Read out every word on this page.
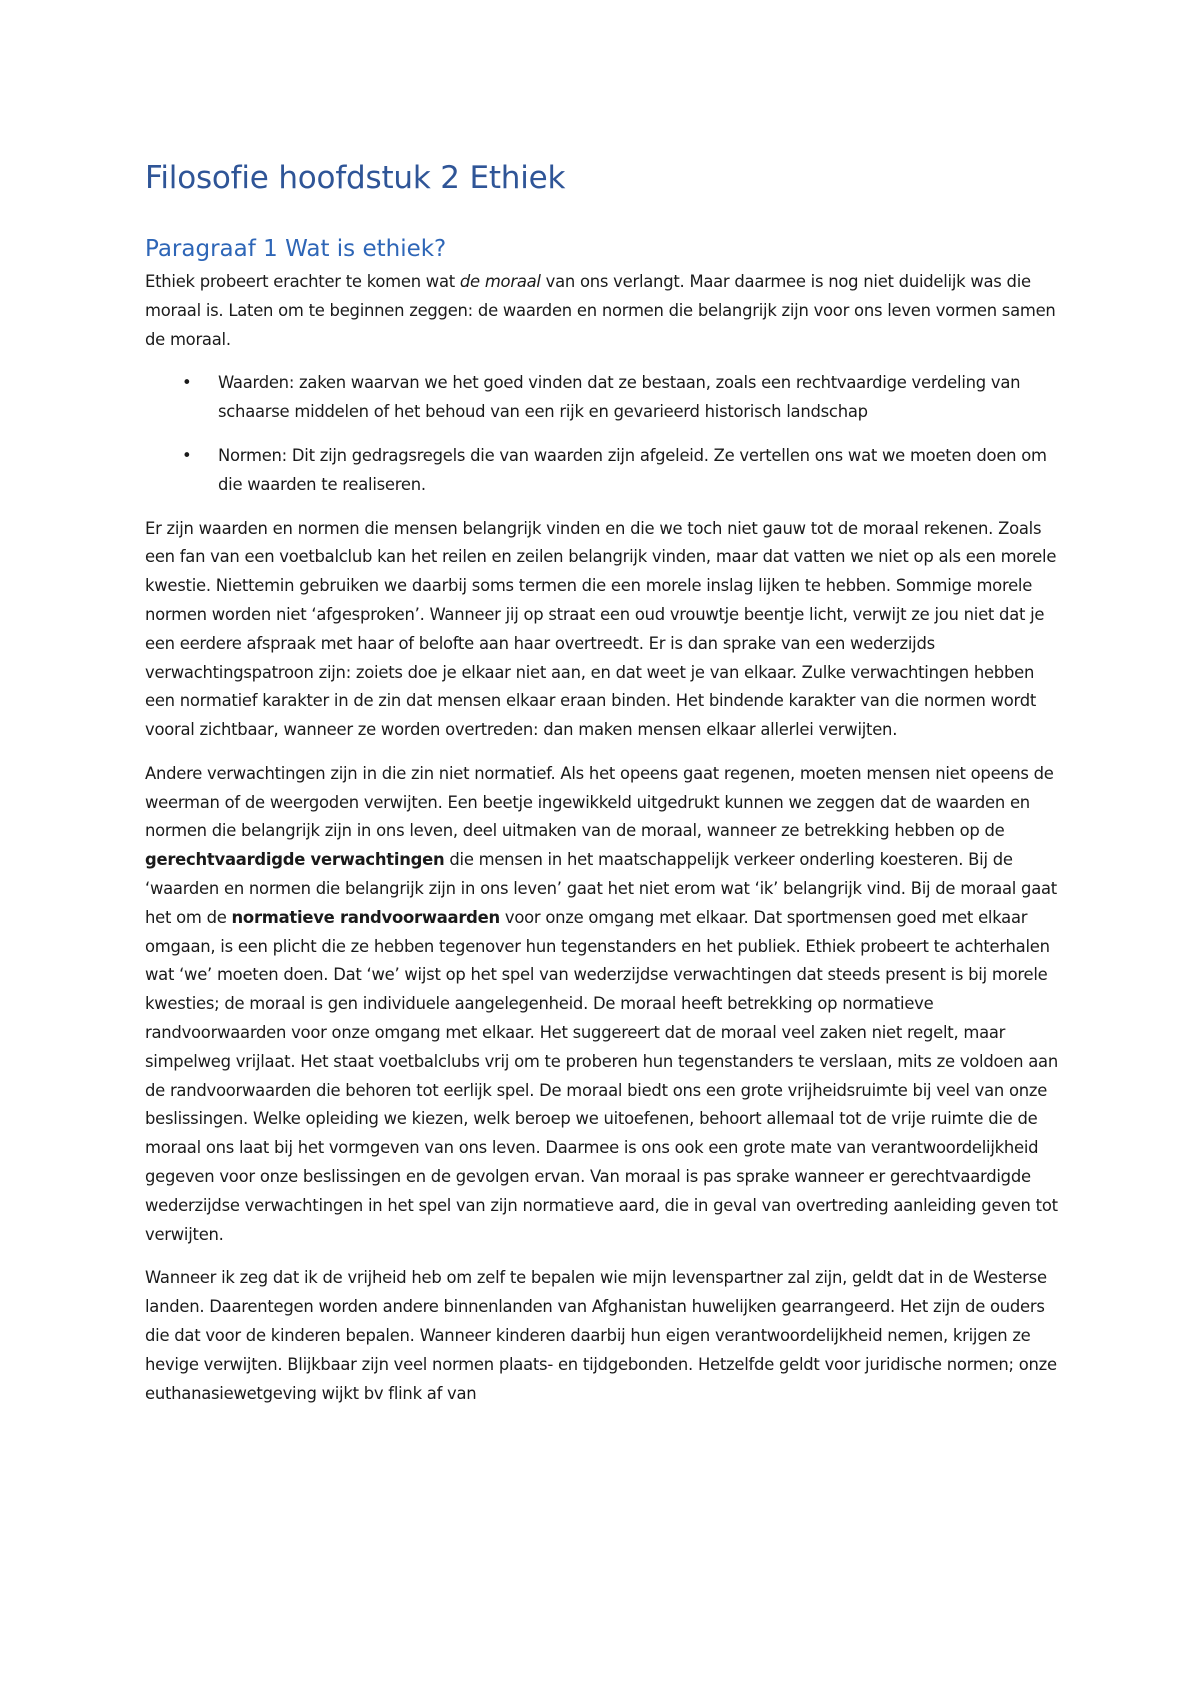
Filosofie hoofdstuk 2 Ethiek
Paragraaf 1 Wat is ethiek?

Ethiek probeert erachter te komen wat de moraal van ons verlangt. Maar daarmee is nog niet duidelijk was die moraal is. Laten om te beginnen zeggen: de waarden en normen die belangrijk zijn voor ons leven vormen samen de moraal.

• Waarden: zaken waarvan we het goed vinden dat ze bestaan, zoals een rechtvaardige verdeling van schaarse middelen of het behoud van een rijk en gevarieerd historisch landschap
• Normen: Dit zijn gedragsregels die van waarden zijn afgeleid. Ze vertellen ons wat we moeten doen om die waarden te realiseren.

Er zijn waarden en normen die mensen belangrijk vinden en die we toch niet gauw tot de moraal rekenen. Zoals een fan van een voetbalclub kan het reilen en zeilen belangrijk vinden, maar dat vatten we niet op als een morele kwestie. Niettemin gebruiken we daarbij soms termen die een morele inslag lijken te hebben. Sommige morele normen worden niet ‘afgesproken’. Wanneer jij op straat een oud vrouwtje beentje licht, verwijt ze jou niet dat je een eerdere afspraak met haar of belofte aan haar overtreedt. Er is dan sprake van een wederzijds verwachtingspatroon zijn: zoiets doe je elkaar niet aan, en dat weet je van elkaar. Zulke verwachtingen hebben een normatief karakter in de zin dat mensen elkaar eraan binden. Het bindende karakter van die normen wordt vooral zichtbaar, wanneer ze worden overtreden: dan maken mensen elkaar allerlei verwijten.

Andere verwachtingen zijn in die zin niet normatief. Als het opeens gaat regenen, moeten mensen niet opeens de weerman of de weergoden verwijten. Een beetje ingewikkeld uitgedrukt kunnen we zeggen dat de waarden en normen die belangrijk zijn in ons leven, deel uitmaken van de moraal, wanneer ze betrekking hebben op de gerechtvaardigde verwachtingen die mensen in het maatschappelijk verkeer onderling koesteren. Bij de ‘waarden en normen die belangrijk zijn in ons leven’ gaat het niet erom wat ‘ik’ belangrijk vind. Bij de moraal gaat het om de normatieve randvoorwaarden voor onze omgang met elkaar. Dat sportmensen goed met elkaar omgaan, is een plicht die ze hebben tegenover hun tegenstanders en het publiek. Ethiek probeert te achterhalen wat ‘we’ moeten doen. Dat ‘we’ wijst op het spel van wederzijdse verwachtingen dat steeds present is bij morele kwesties; de moraal is gen individuele aangelegenheid. De moraal heeft betrekking op normatieve randvoorwaarden voor onze omgang met elkaar. Het suggereert dat de moraal veel zaken niet regelt, maar simpelweg vrijlaat. Het staat voetbalclubs vrij om te proberen hun tegenstanders te verslaan, mits ze voldoen aan de randvoorwaarden die behoren tot eerlijk spel. De moraal biedt ons een grote vrijheidsruimte bij veel van onze beslissingen. Welke opleiding we kiezen, welk beroep we uitoefenen, behoort allemaal tot de vrije ruimte die de moraal ons laat bij het vormgeven van ons leven. Daarmee is ons ook een grote mate van verantwoordelijkheid gegeven voor onze beslissingen en de gevolgen ervan. Van moraal is pas sprake wanneer er gerechtvaardigde wederzijdse verwachtingen in het spel van zijn normatieve aard, die in geval van overtreding aanleiding geven tot verwijten.

Wanneer ik zeg dat ik de vrijheid heb om zelf te bepalen wie mijn levenspartner zal zijn, geldt dat in de Westerse landen. Daarentegen worden andere binnenlanden van Afghanistan huwelijken gearrangeerd. Het zijn de ouders die dat voor de kinderen bepalen. Wanneer kinderen daarbij hun eigen verantwoordelijkheid nemen, krijgen ze hevige verwijten. Blijkbaar zijn veel normen plaats- en tijdgebonden. Hetzelfde geldt voor juridische normen; onze euthanasiewetgeving wijkt bv flink af van
